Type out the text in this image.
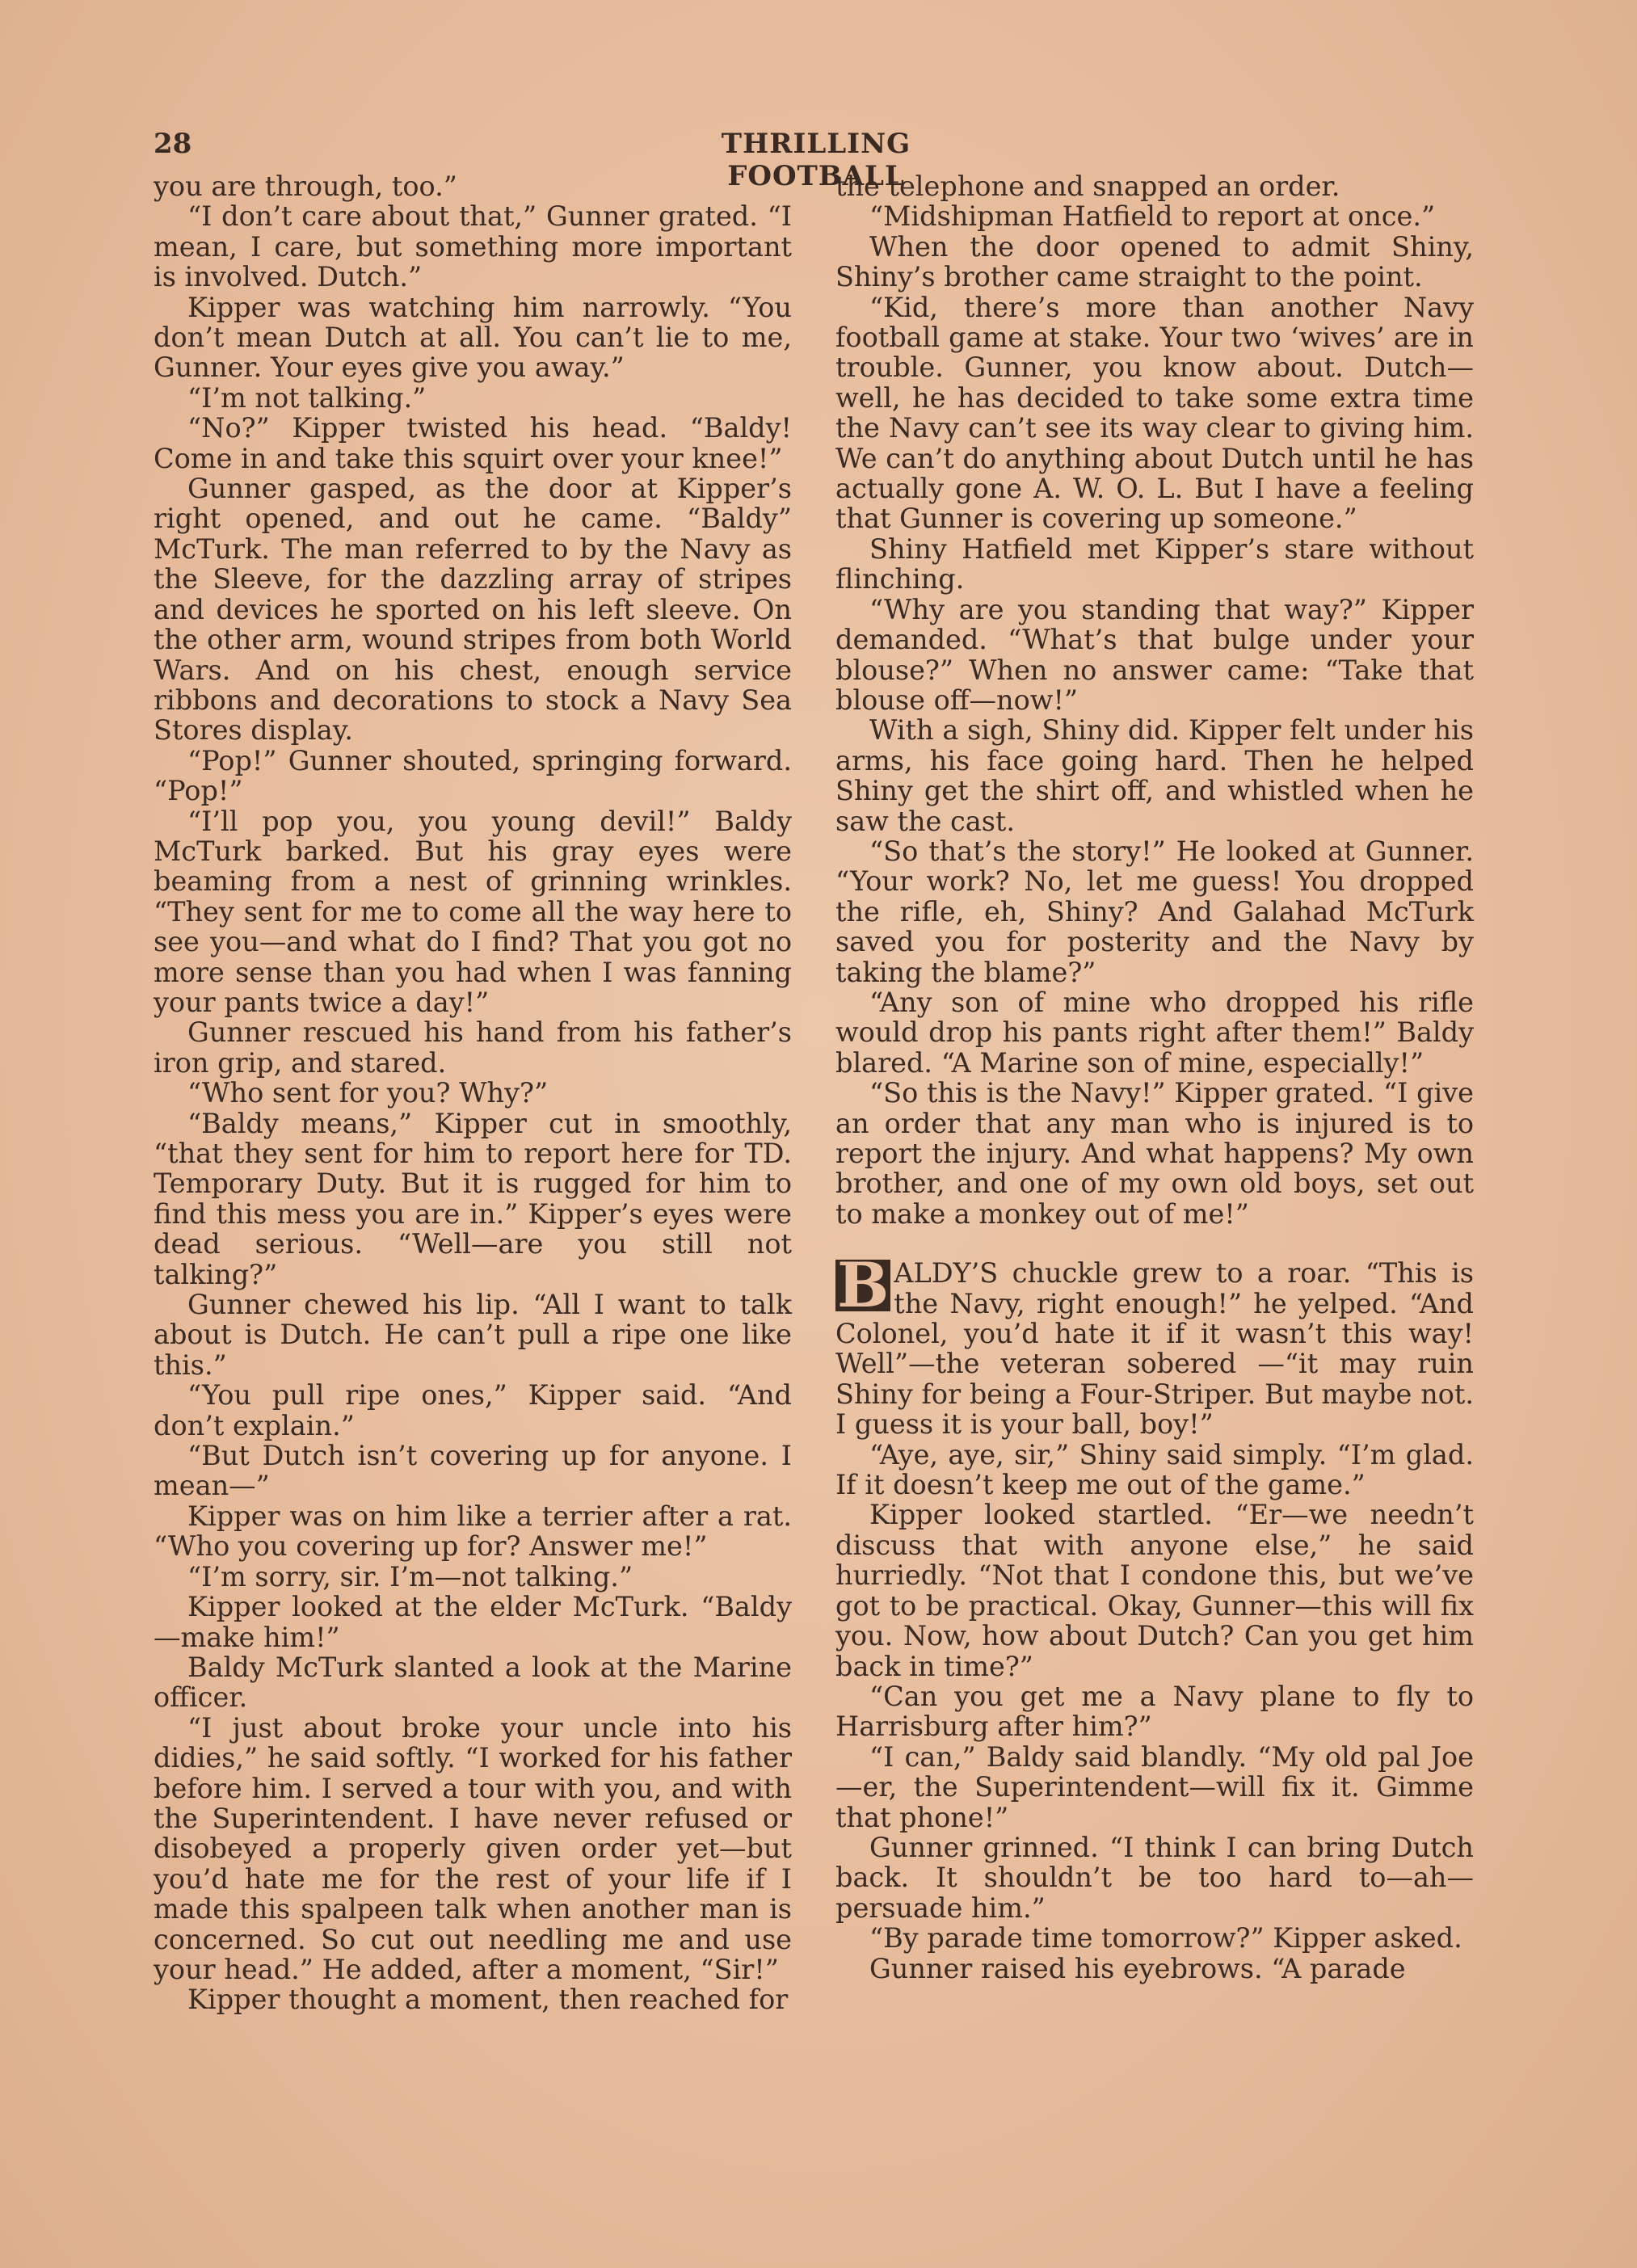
28	THRILLING FOOTBALL

you are through, too.”

“I don’t care about that,” Gunner grated. “I mean, I care, but something more important is involved. Dutch.”

Kipper was watching him narrowly. “You don’t mean Dutch at all. You can’t lie to me, Gunner. Your eyes give you away.”

“I’m not talking.”

“No?” Kipper twisted his head. “Baldy! Come in and take this squirt over your knee!”

Gunner gasped, as the door at Kipper’s right opened, and out he came. “Baldy” McTurk. The man referred to by the Navy as the Sleeve, for the dazzling array of stripes and devices he sported on his left sleeve. On the other arm, wound stripes from both World Wars. And on his chest, enough service ribbons and decorations to stock a Navy Sea Stores display.

“Pop!” Gunner shouted, springing forward. “Pop!”

“I’ll pop you, you young devil!” Baldy McTurk barked. But his gray eyes were beaming from a nest of grinning wrinkles. “They sent for me to come all the way here to see you—and what do I find? That you got no more sense than you had when I was fanning your pants twice a day!”

Gunner rescued his hand from his father’s iron grip, and stared.

“Who sent for you? Why?”

“Baldy means,” Kipper cut in smoothly, “that they sent for him to report here for TD. Temporary Duty. But it is rugged for him to find this mess you are in.” Kipper’s eyes were dead serious. “Well—are you still not talking?”

Gunner chewed his lip. “All I want to talk about is Dutch. He can’t pull a ripe one like this.”

“You pull ripe ones,” Kipper said. “And don’t explain.”

“But Dutch isn’t covering up for anyone. I mean—”

Kipper was on him like a terrier after a rat. “Who you covering up for? Answer me!”

“I’m sorry, sir. I’m—not talking.”

Kipper looked at the elder McTurk. “Baldy —make him!”

Baldy McTurk slanted a look at the Marine officer.

“I just about broke your uncle into his didies,” he said softly. “I worked for his father before him. I served a tour with you, and with the Superintendent. I have never refused or disobeyed a properly given order yet—but you’d hate me for the rest of your life if I made this spalpeen talk when another man is concerned. So cut out needling me and use your head.” He added, after a moment, “Sir!”

Kipper thought a moment, then reached for

the telephone and snapped an order.

“Midshipman Hatfield to report at once.”

When the door opened to admit Shiny, Shiny’s brother came straight to the point.

“Kid, there’s more than another Navy football game at stake. Your two ‘wives’ are in trouble. Gunner, you know about. Dutch—well, he has decided to take some extra time the Navy can’t see its way clear to giving him. We can’t do anything about Dutch until he has actually gone A. W. O. L. But I have a feeling that Gunner is covering up someone.”

Shiny Hatfield met Kipper’s stare without flinching.

“Why are you standing that way?” Kipper demanded. “What’s that bulge under your blouse?” When no answer came: “Take that blouse off—now!”

With a sigh, Shiny did. Kipper felt under his arms, his face going hard. Then he helped Shiny get the shirt off, and whistled when he saw the cast.

“So that’s the story!” He looked at Gunner. “Your work? No, let me guess! You dropped the rifle, eh, Shiny? And Galahad McTurk saved you for posterity and the Navy by taking the blame?”

“Any son of mine who dropped his rifle would drop his pants right after them!” Baldy blared. “A Marine son of mine, especially!”

“So this is the Navy!” Kipper grated. “I give an order that any man who is injured is to report the injury. And what happens? My own brother, and one of my own old boys, set out to make a monkey out of me!”

B ALDY’S chuckle grew to a roar. “This is the Navy, right enough!” he yelped. “And Colonel, you’d hate it if it wasn’t this way! Well”—the veteran sobered —“it may ruin Shiny for being a Four-Striper. But maybe not. I guess it is your ball, boy!”

“Aye, aye, sir,” Shiny said simply. “I’m glad. If it doesn’t keep me out of the game.”

Kipper looked startled. “Er—we needn’t discuss that with anyone else,” he said hurriedly. “Not that I condone this, but we’ve got to be practical. Okay, Gunner—this will fix you. Now, how about Dutch? Can you get him back in time?”

“Can you get me a Navy plane to fly to Harrisburg after him?”

“I can,” Baldy said blandly. “My old pal Joe—er, the Superintendent—will fix it. Gimme that phone!”

Gunner grinned. “I think I can bring Dutch back. It shouldn’t be too hard to—ah—persuade him.”

“By parade time tomorrow?” Kipper asked.

Gunner raised his eyebrows. “A parade
